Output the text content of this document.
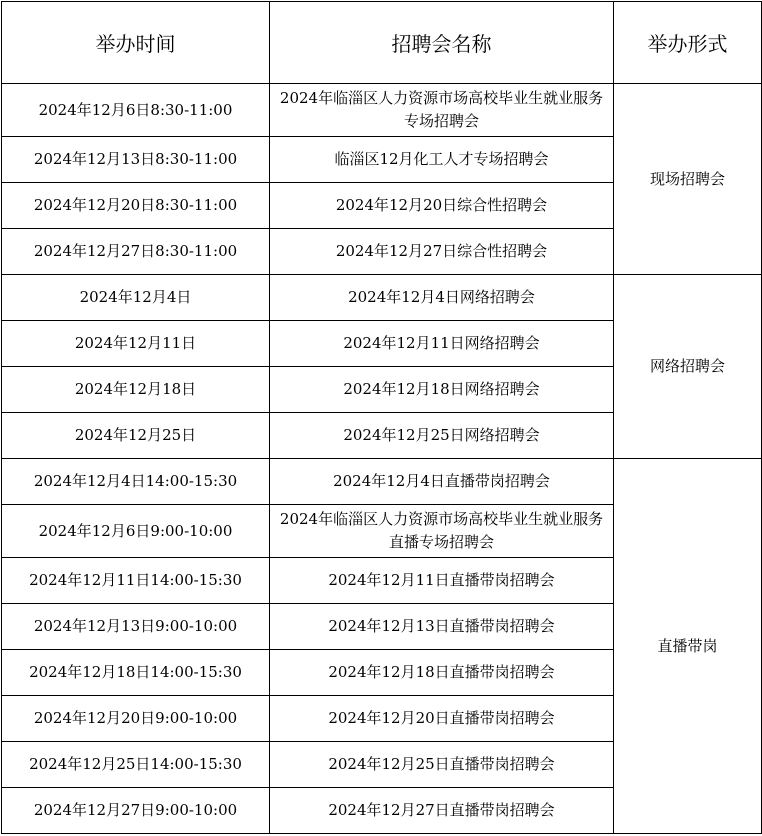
举办时间	招聘会名称	举办形式
2024年12月6日8:30-11:00	2024年临淄区人力资源市场高校毕业生就业服务专场招聘会	现场招聘会
2024年12月13日8:30-11:00	临淄区12月化工人才专场招聘会	
2024年12月20日8:30-11:00	2024年12月20日综合性招聘会	
2024年12月27日8:30-11:00	2024年12月27日综合性招聘会	
2024年12月4日	2024年12月4日网络招聘会	网络招聘会
2024年12月11日	2024年12月11日网络招聘会	
2024年12月18日	2024年12月18日网络招聘会	
2024年12月25日	2024年12月25日网络招聘会	
2024年12月4日14:00-15:30	2024年12月4日直播带岗招聘会	直播带岗
2024年12月6日9:00-10:00	2024年临淄区人力资源市场高校毕业生就业服务直播专场招聘会	
2024年12月11日14:00-15:30	2024年12月11日直播带岗招聘会	
2024年12月13日9:00-10:00	2024年12月13日直播带岗招聘会	
2024年12月18日14:00-15:30	2024年12月18日直播带岗招聘会	
2024年12月20日9:00-10:00	2024年12月20日直播带岗招聘会	
2024年12月25日14:00-15:30	2024年12月25日直播带岗招聘会	
2024年12月27日9:00-10:00	2024年12月27日直播带岗招聘会	
